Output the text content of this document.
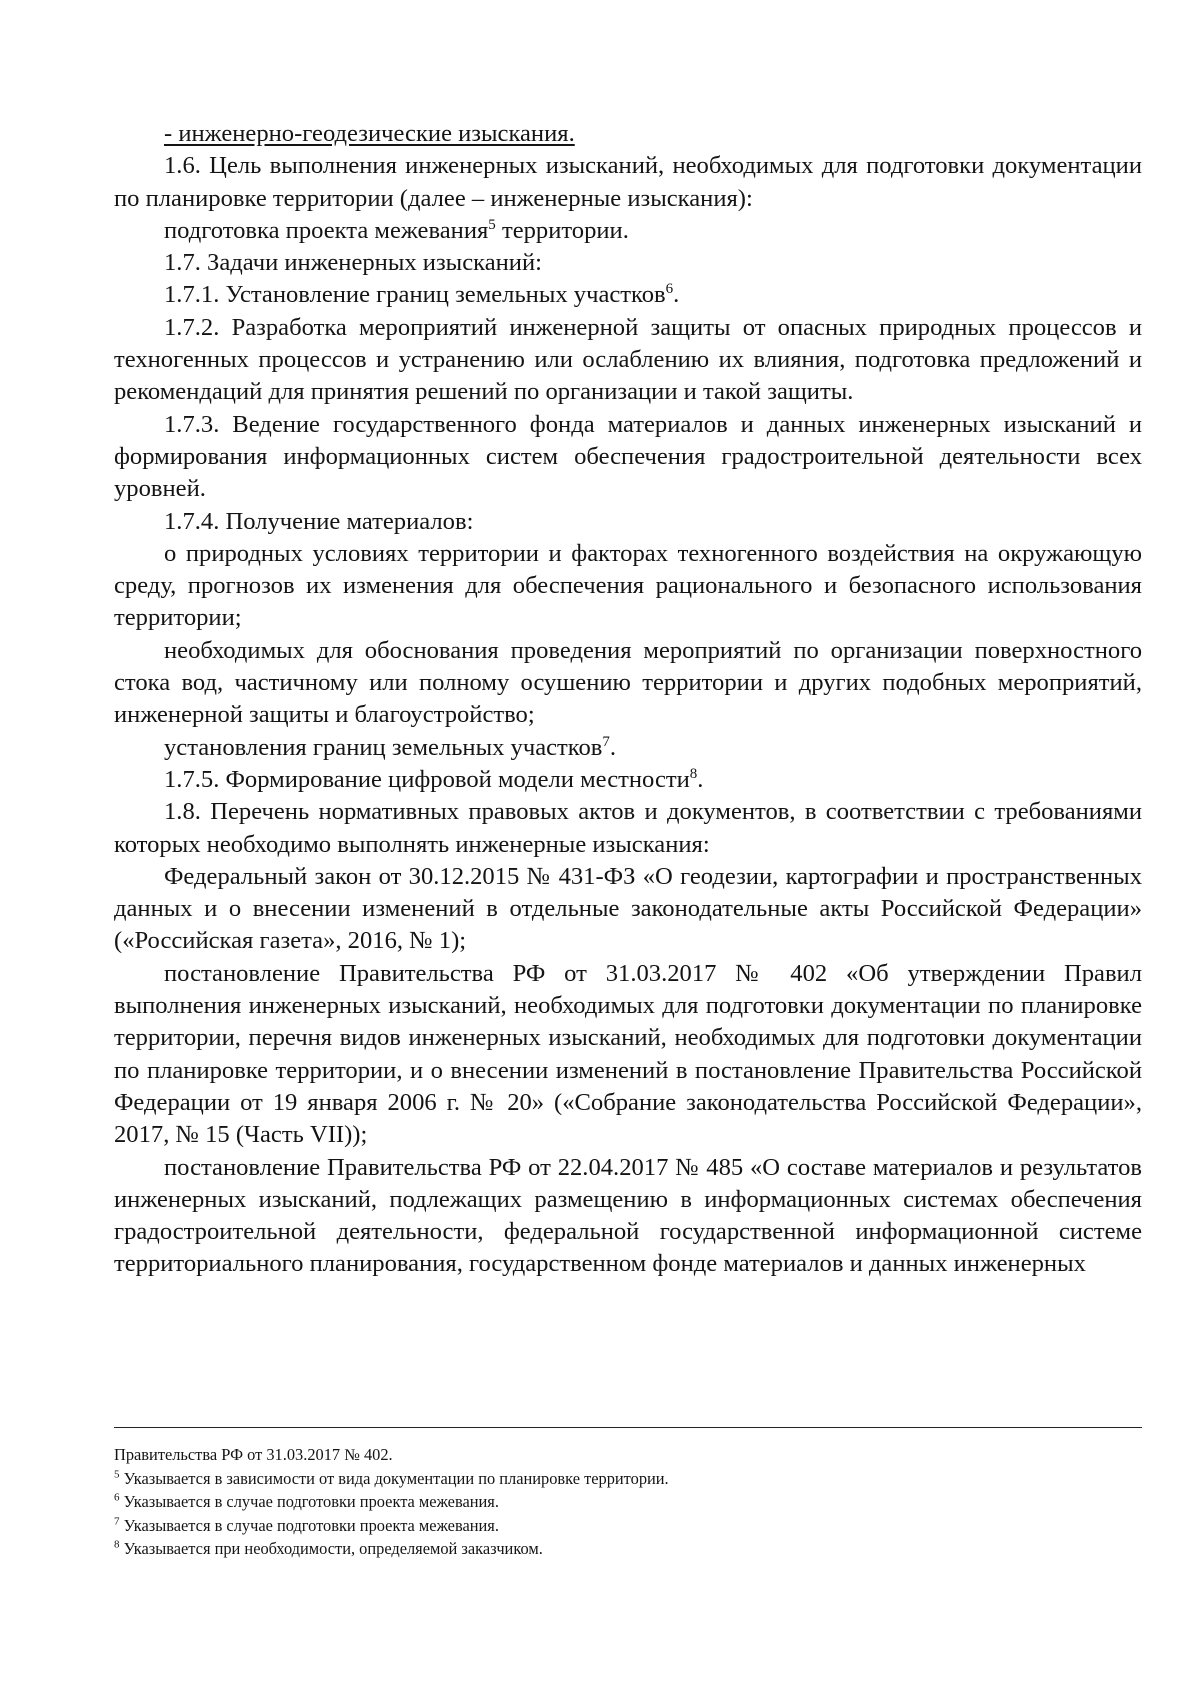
- инженерно-геодезические изыскания.

1.6. Цель выполнения инженерных изысканий, необходимых для подготовки документации по планировке территории (далее – инженерные изыскания):

подготовка проекта межевания$^5$ территории.

1.7. Задачи инженерных изысканий:

1.7.1. Установление границ земельных участков$^6$.

1.7.2. Разработка мероприятий инженерной защиты от опасных природных процессов и техногенных процессов и устранению или ослаблению их влияния, подготовка предложений и рекомендаций для принятия решений по организации и такой защиты.

1.7.3. Ведение государственного фонда материалов и данных инженерных изысканий и формирования информационных систем обеспечения градостроительной деятельности всех уровней.

1.7.4. Получение материалов:

о природных условиях территории и факторах техногенного воздействия на окружающую среду, прогнозов их изменения для обеспечения рационального и безопасного использования территории;

необходимых для обоснования проведения мероприятий по организации поверхностного стока вод, частичному или полному осушению территории и других подобных мероприятий, инженерной защиты и благоустройство;

установления границ земельных участков$^7$.

1.7.5. Формирование цифровой модели местности$^8$.

1.8. Перечень нормативных правовых актов и документов, в соответствии с требованиями которых необходимо выполнять инженерные изыскания:

Федеральный закон от 30.12.2015 № 431-ФЗ «О геодезии, картографии и пространственных данных и о внесении изменений в отдельные законодательные акты Российской Федерации» («Российская газета», 2016, № 1);

постановление Правительства РФ от 31.03.2017 № 402 «Об утверждении Правил выполнения инженерных изысканий, необходимых для подготовки документации по планировке территории, перечня видов инженерных изысканий, необходимых для подготовки документации по планировке территории, и о внесении изменений в постановление Правительства Российской Федерации от 19 января 2006 г. № 20» («Собрание законодательства Российской Федерации», 2017, № 15 (Часть VII));

постановление Правительства РФ от 22.04.2017 № 485 «О составе материалов и результатов инженерных изысканий, подлежащих размещению в информационных системах обеспечения градостроительной деятельности, федеральной государственной информационной системе территориального планирования, государственном фонде материалов и данных инженерных

Правительства РФ от 31.03.2017 № 402.

$^5$ Указывается в зависимости от вида документации по планировке территории.

$^6$ Указывается в случае подготовки проекта межевания.

$^7$ Указывается в случае подготовки проекта межевания.

$^8$ Указывается при необходимости, определяемой заказчиком.
